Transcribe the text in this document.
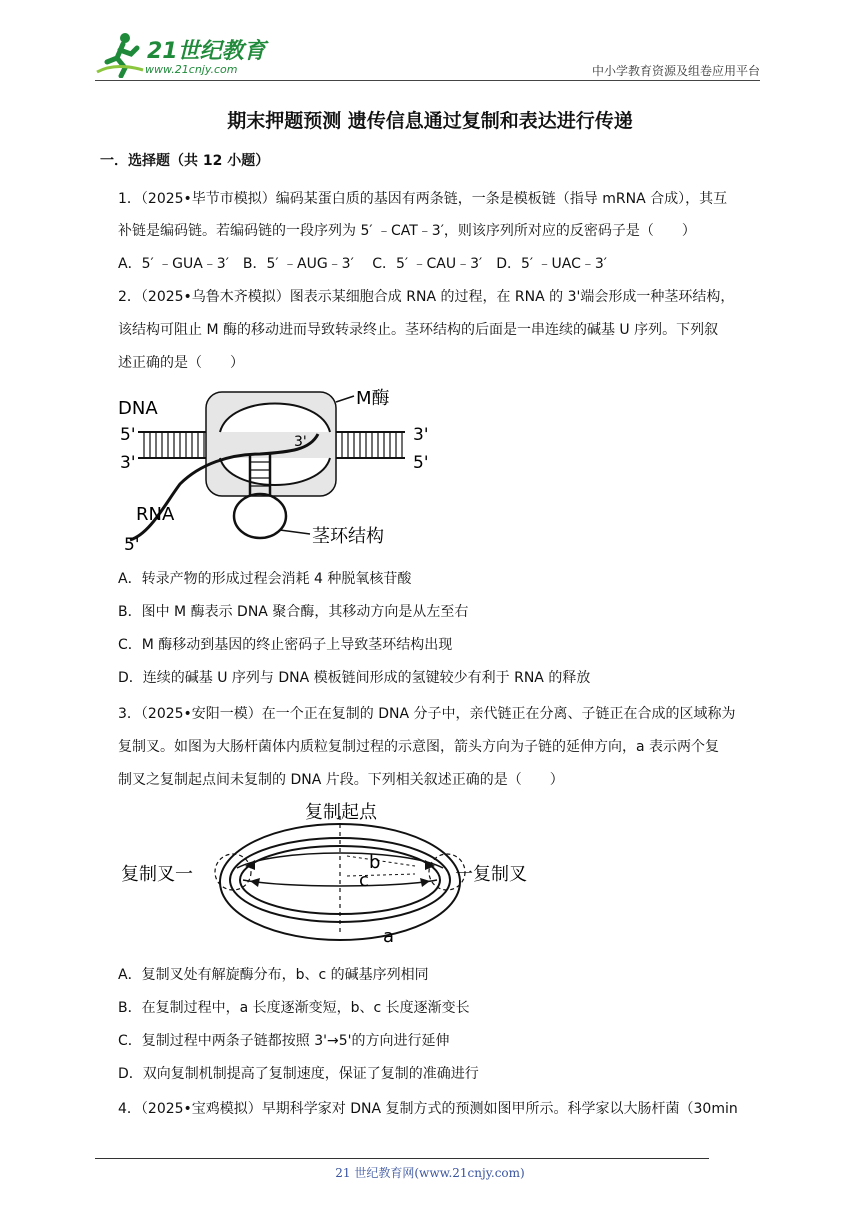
21世纪教育
www.21cnjy.com	中小学教育资源及组卷应用平台
期末押题预测 遗传信息通过复制和表达进行传递
一．选择题（共 12 小题）
1．（2025•毕节市模拟）编码某蛋白质的基因有两条链，一条是模板链（指导 mRNA 合成），其互
补链是编码链。若编码链的一段序列为 5′ ﹣CAT﹣3′，则该序列所对应的反密码子是（　　）
A．5′ ﹣GUA﹣3′　B．5′ ﹣AUG﹣3′　 C．5′ ﹣CAU﹣3′　D．5′ ﹣UAC﹣3′
2．（2025•乌鲁木齐模拟）图表示某细胞合成 RNA 的过程，在 RNA 的 3'端会形成一种茎环结构，
该结构可阻止 M 酶的移动进而导致转录终止。茎环结构的后面是一串连续的碱基 U 序列。下列叙
述正确的是（　　）
DNA
5'
3'
3'
5'
M酶
3'
RNA
5'	茎环结构
A．转录产物的形成过程会消耗 4 种脱氧核苷酸
B．图中 M 酶表示 DNA 聚合酶，其移动方向是从左至右
C．M 酶移动到基因的终止密码子上导致茎环结构出现
D．连续的碱基 U 序列与 DNA 模板链间形成的氢键较少有利于 RNA 的释放
3．（2025•安阳一模）在一个正在复制的 DNA 分子中，亲代链正在分离、子链正在合成的区域称为
复制叉。如图为大肠杆菌体内质粒复制过程的示意图，箭头方向为子链的延伸方向，a 表示两个复
制叉之复制起点间未复制的 DNA 片段。下列相关叙述正确的是（　　）
复制起点
复制叉一	一复制叉
b
c
a
A．复制叉处有解旋酶分布，b、c 的碱基序列相同
B．在复制过程中，a 长度逐渐变短，b、c 长度逐渐变长
C．复制过程中两条子链都按照 3'→5'的方向进行延伸
D．双向复制机制提高了复制速度，保证了复制的准确进行
4．（2025•宝鸡模拟）早期科学家对 DNA 复制方式的预测如图甲所示。科学家以大肠杆菌（30min
21 世纪教育网(www.21cnjy.com)
